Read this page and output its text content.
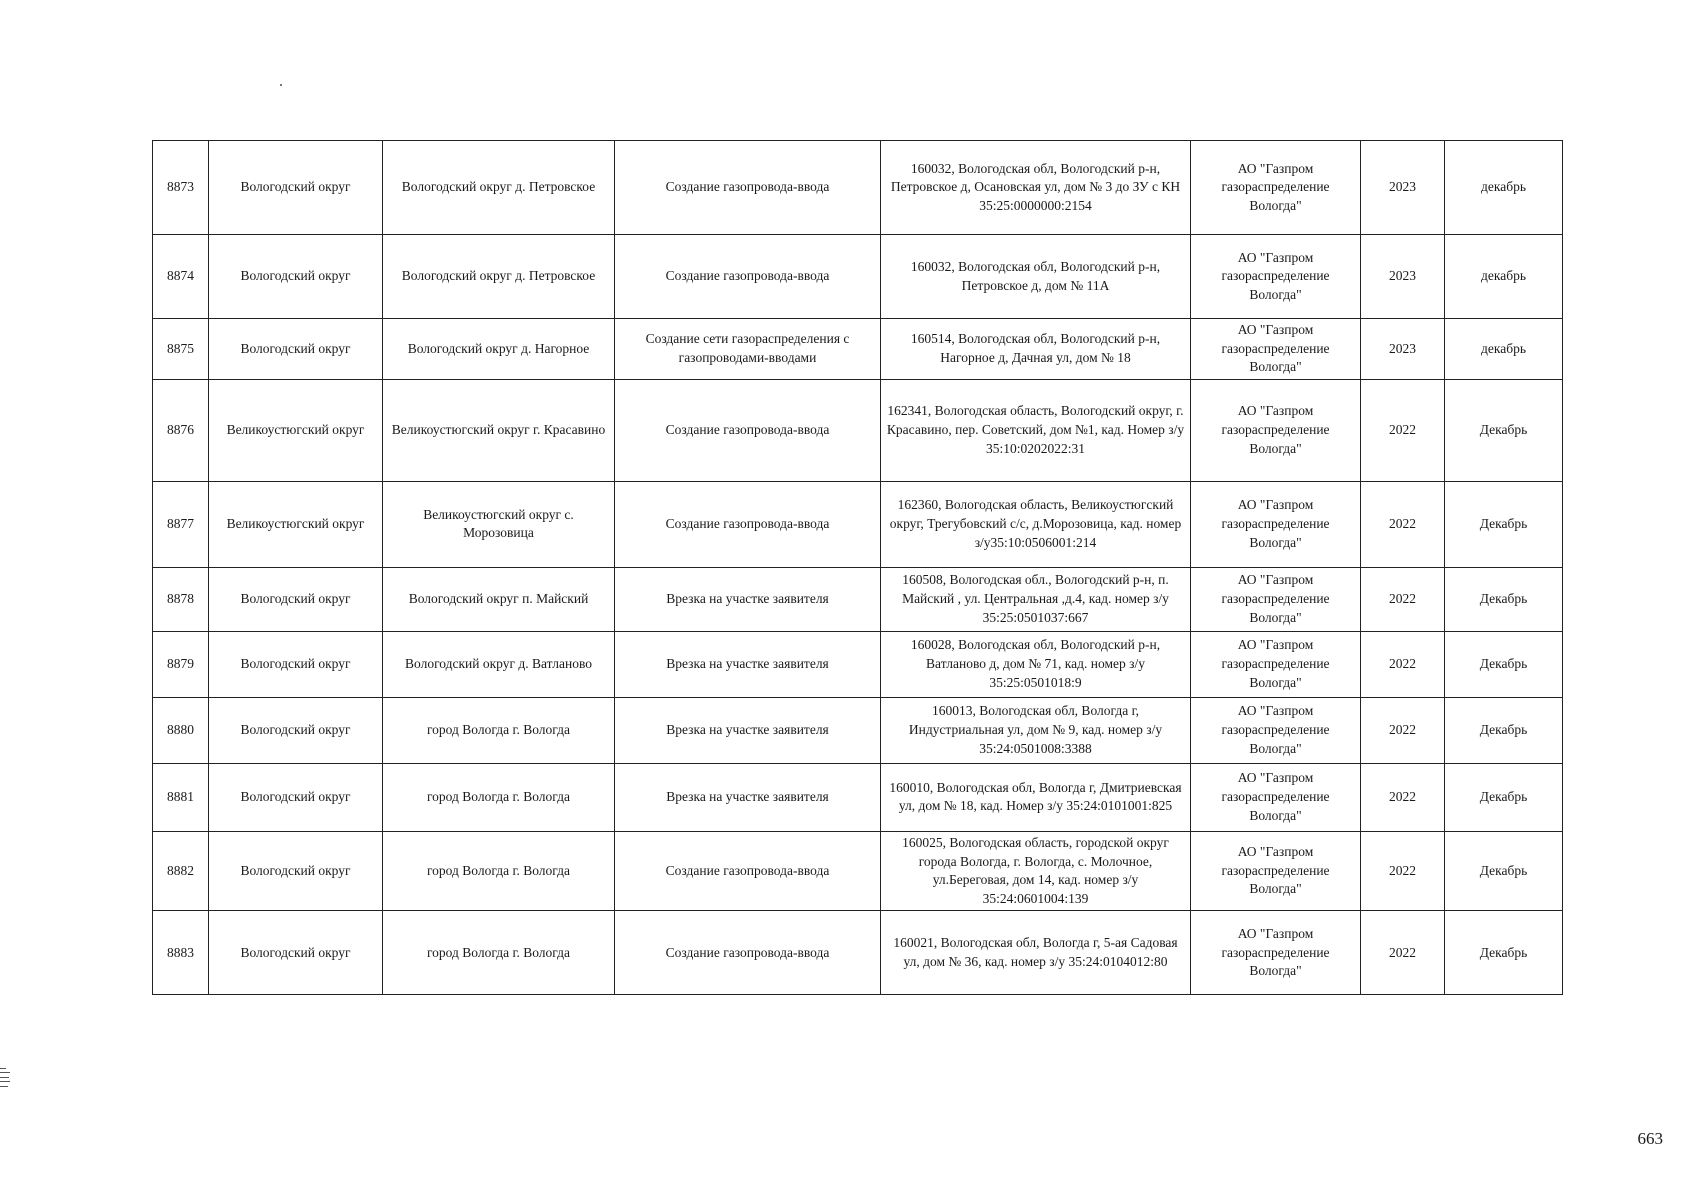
8873	Вологодский округ	Вологодский округ д. Петровское	Создание газопровода-ввода	160032, Вологодская обл, Вологодский р-н, Петровское д, Осановская ул, дом № 3 до ЗУ с КН 35:25:0000000:2154	АО "Газпром газораспределение Вологда"	2023	декабрь
8874	Вологодский округ	Вологодский округ д. Петровское	Создание газопровода-ввода	160032, Вологодская обл, Вологодский р-н, Петровское д, дом № 11А	АО "Газпром газораспределение Вологда"	2023	декабрь
8875	Вологодский округ	Вологодский округ д. Нагорное	Создание сети газораспределения с газопроводами-вводами	160514, Вологодская обл, Вологодский р-н, Нагорное д, Дачная ул, дом № 18	АО "Газпром газораспределение Вологда"	2023	декабрь
8876	Великоустюгский округ	Великоустюгский округ г. Красавино	Создание газопровода-ввода	162341, Вологодская область, Вологодский округ, г. Красавино, пер. Советский, дом №1, кад. Номер з/у 35:10:0202022:31	АО "Газпром газораспределение Вологда"	2022	Декабрь
8877	Великоустюгский округ	Великоустюгский округ с. Морозовица	Создание газопровода-ввода	162360, Вологодская область, Великоустюгский округ, Трегубовский с/с, д.Морозовица, кад. номер з/у35:10:0506001:214	АО "Газпром газораспределение Вологда"	2022	Декабрь
8878	Вологодский округ	Вологодский округ п. Майский	Врезка на участке заявителя	160508, Вологодская обл., Вологодский р-н, п. Майский , ул. Центральная ,д.4, кад. номер з/у 35:25:0501037:667	АО "Газпром газораспределение Вологда"	2022	Декабрь
8879	Вологодский округ	Вологодский округ д. Ватланово	Врезка на участке заявителя	160028, Вологодская обл, Вологодский р-н, Ватланово д, дом № 71, кад. номер з/у 35:25:0501018:9	АО "Газпром газораспределение Вологда"	2022	Декабрь
8880	Вологодский округ	город Вологда г. Вологда	Врезка на участке заявителя	160013, Вологодская обл, Вологда г, Индустриальная ул, дом № 9, кад. номер з/у 35:24:0501008:3388	АО "Газпром газораспределение Вологда"	2022	Декабрь
8881	Вологодский округ	город Вологда г. Вологда	Врезка на участке заявителя	160010, Вологодская обл, Вологда г, Дмитриевская ул, дом № 18, кад. Номер з/у 35:24:0101001:825	АО "Газпром газораспределение Вологда"	2022	Декабрь
8882	Вологодский округ	город Вологда г. Вологда	Создание газопровода-ввода	160025, Вологодская область, городской округ города Вологда, г. Вологда, с. Молочное, ул.Береговая, дом 14, кад. номер з/у 35:24:0601004:139	АО "Газпром газораспределение Вологда"	2022	Декабрь
8883	Вологодский округ	город Вологда г. Вологда	Создание газопровода-ввода	160021, Вологодская обл, Вологда г, 5-ая Садовая ул, дом № 36, кад. номер з/у 35:24:0104012:80	АО "Газпром газораспределение Вологда"	2022	Декабрь
663
